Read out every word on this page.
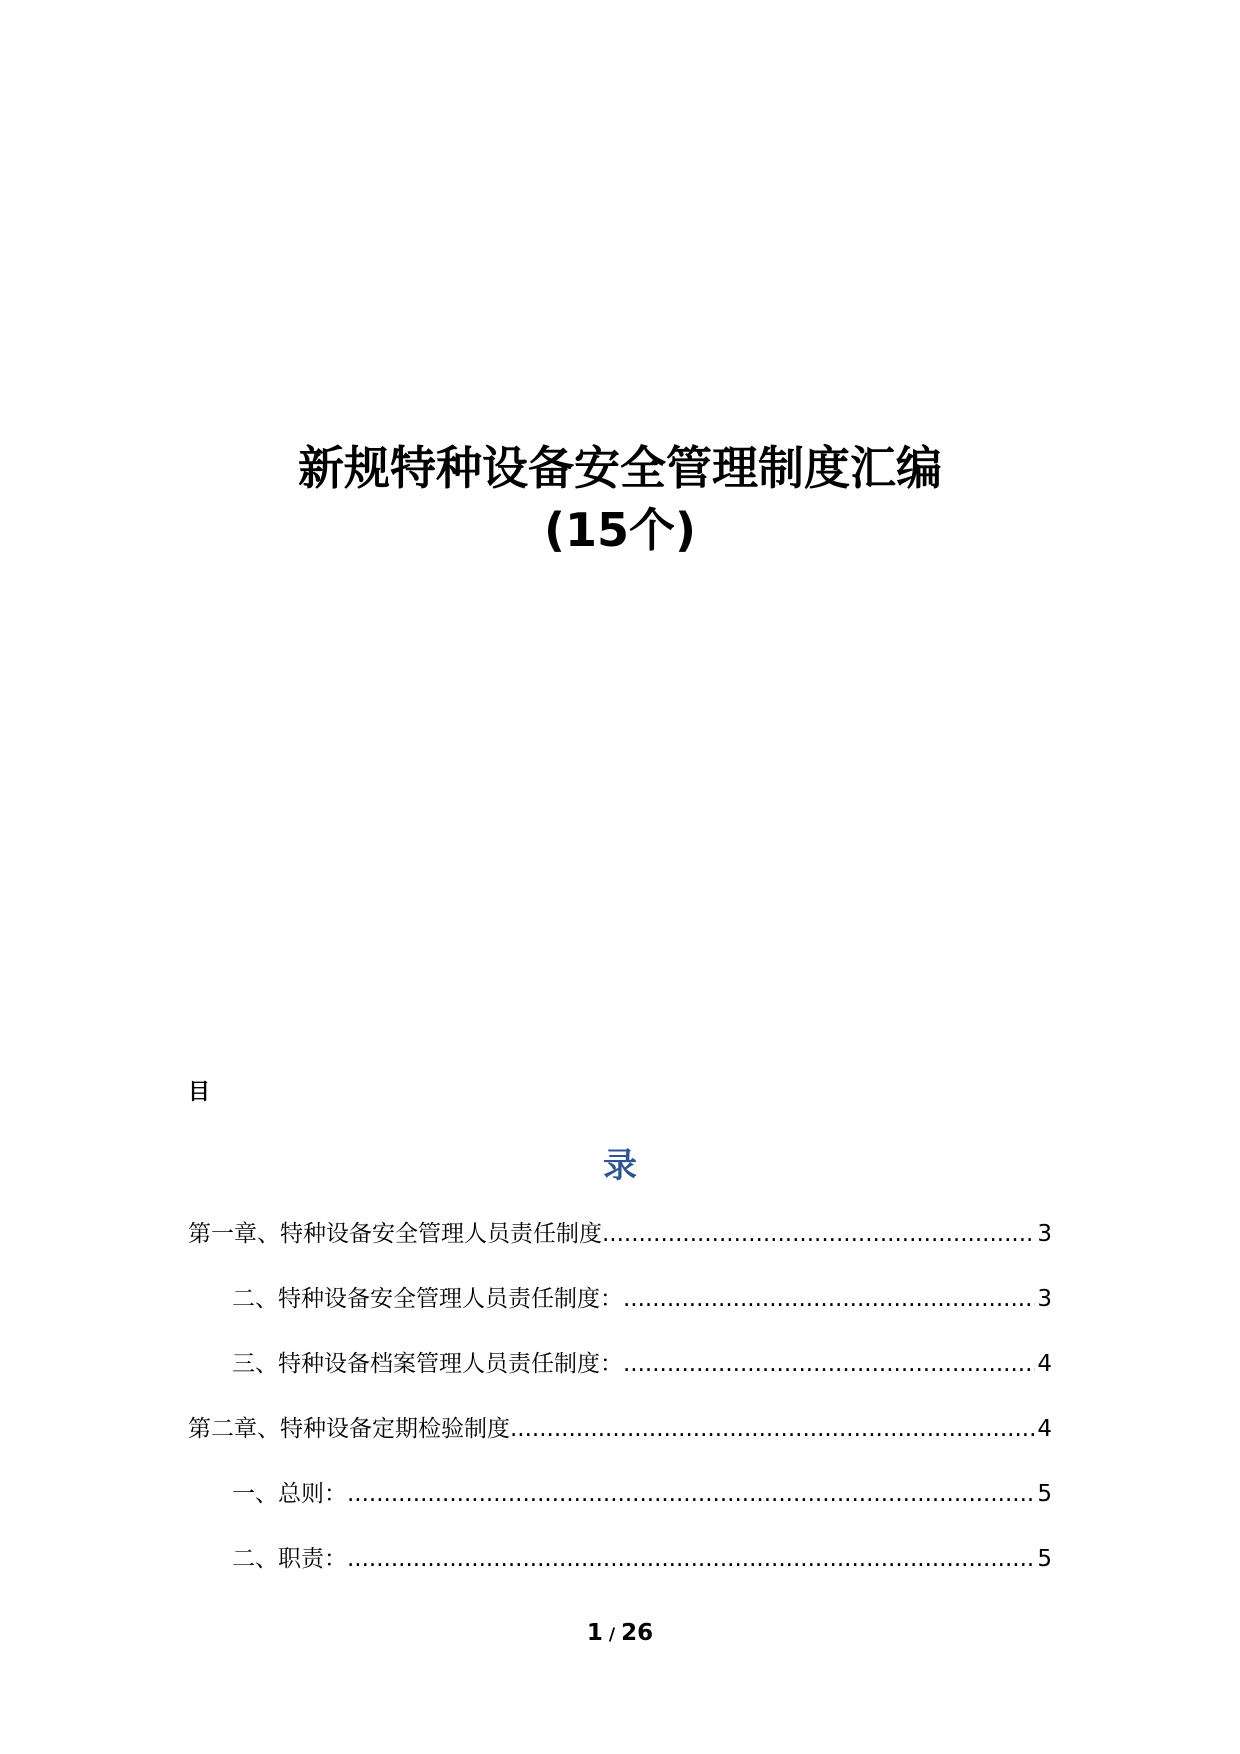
新规特种设备安全管理制度汇编
(15个)
目
录
第一章、特种设备安全管理人员责任制度 .....	3
二、特种设备安全管理人员责任制度： .....	3
三、特种设备档案管理人员责任制度： .....	4
第二章、特种设备定期检验制度 .....	4
一、总则： .....	5
二、职责： .....	5
1 / 26
